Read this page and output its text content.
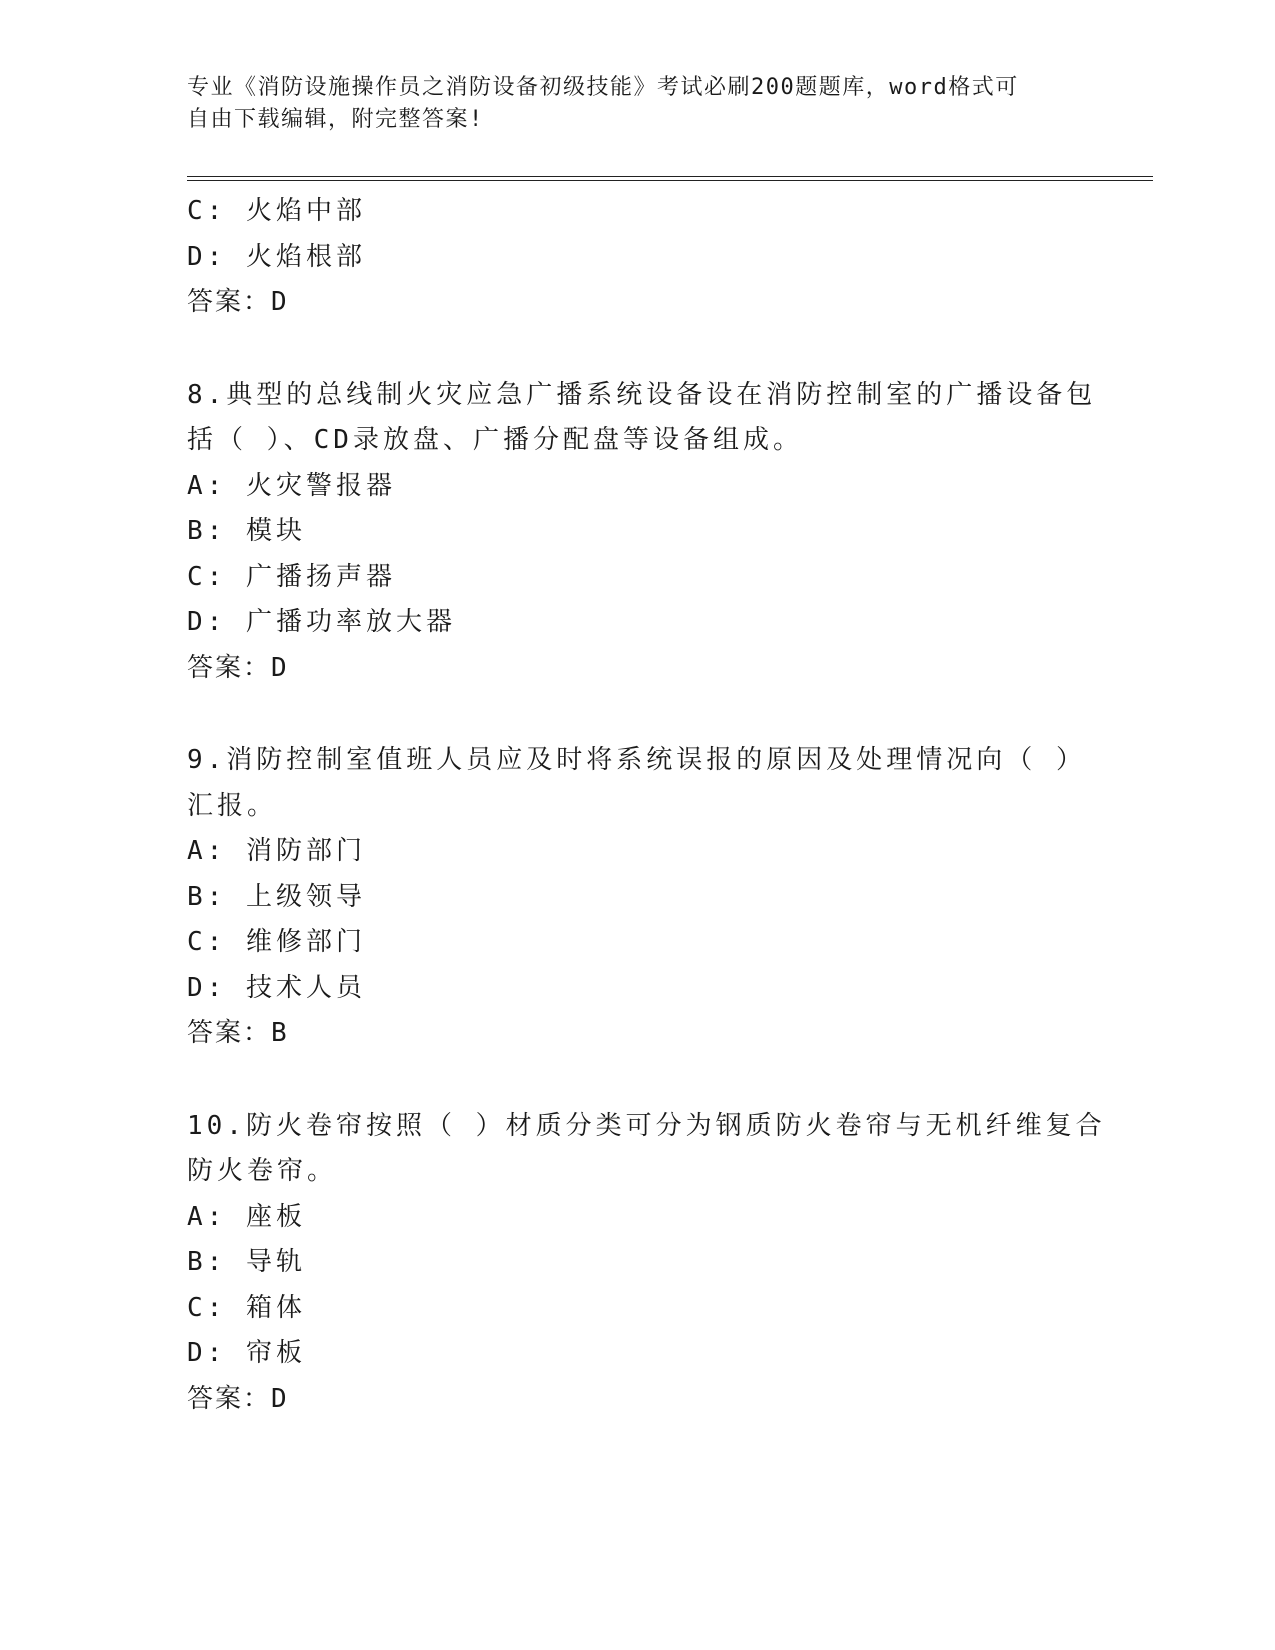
专业《消防设施操作员之消防设备初级技能》考试必刷200题题库，word格式可
自由下载编辑，附完整答案!
C: 火焰中部
D: 火焰根部
答案：D
8.典型的总线制火灾应急广播系统设备设在消防控制室的广播设备包
括（ ）、CD录放盘、广播分配盘等设备组成。
A: 火灾警报器
B: 模块
C: 广播扬声器
D: 广播功率放大器
答案：D
9.消防控制室值班人员应及时将系统误报的原因及处理情况向（ ）
汇报。
A: 消防部门
B: 上级领导
C: 维修部门
D: 技术人员
答案：B
10.防火卷帘按照（ ）材质分类可分为钢质防火卷帘与无机纤维复合
防火卷帘。
A: 座板
B: 导轨
C: 箱体
D: 帘板
答案：D
